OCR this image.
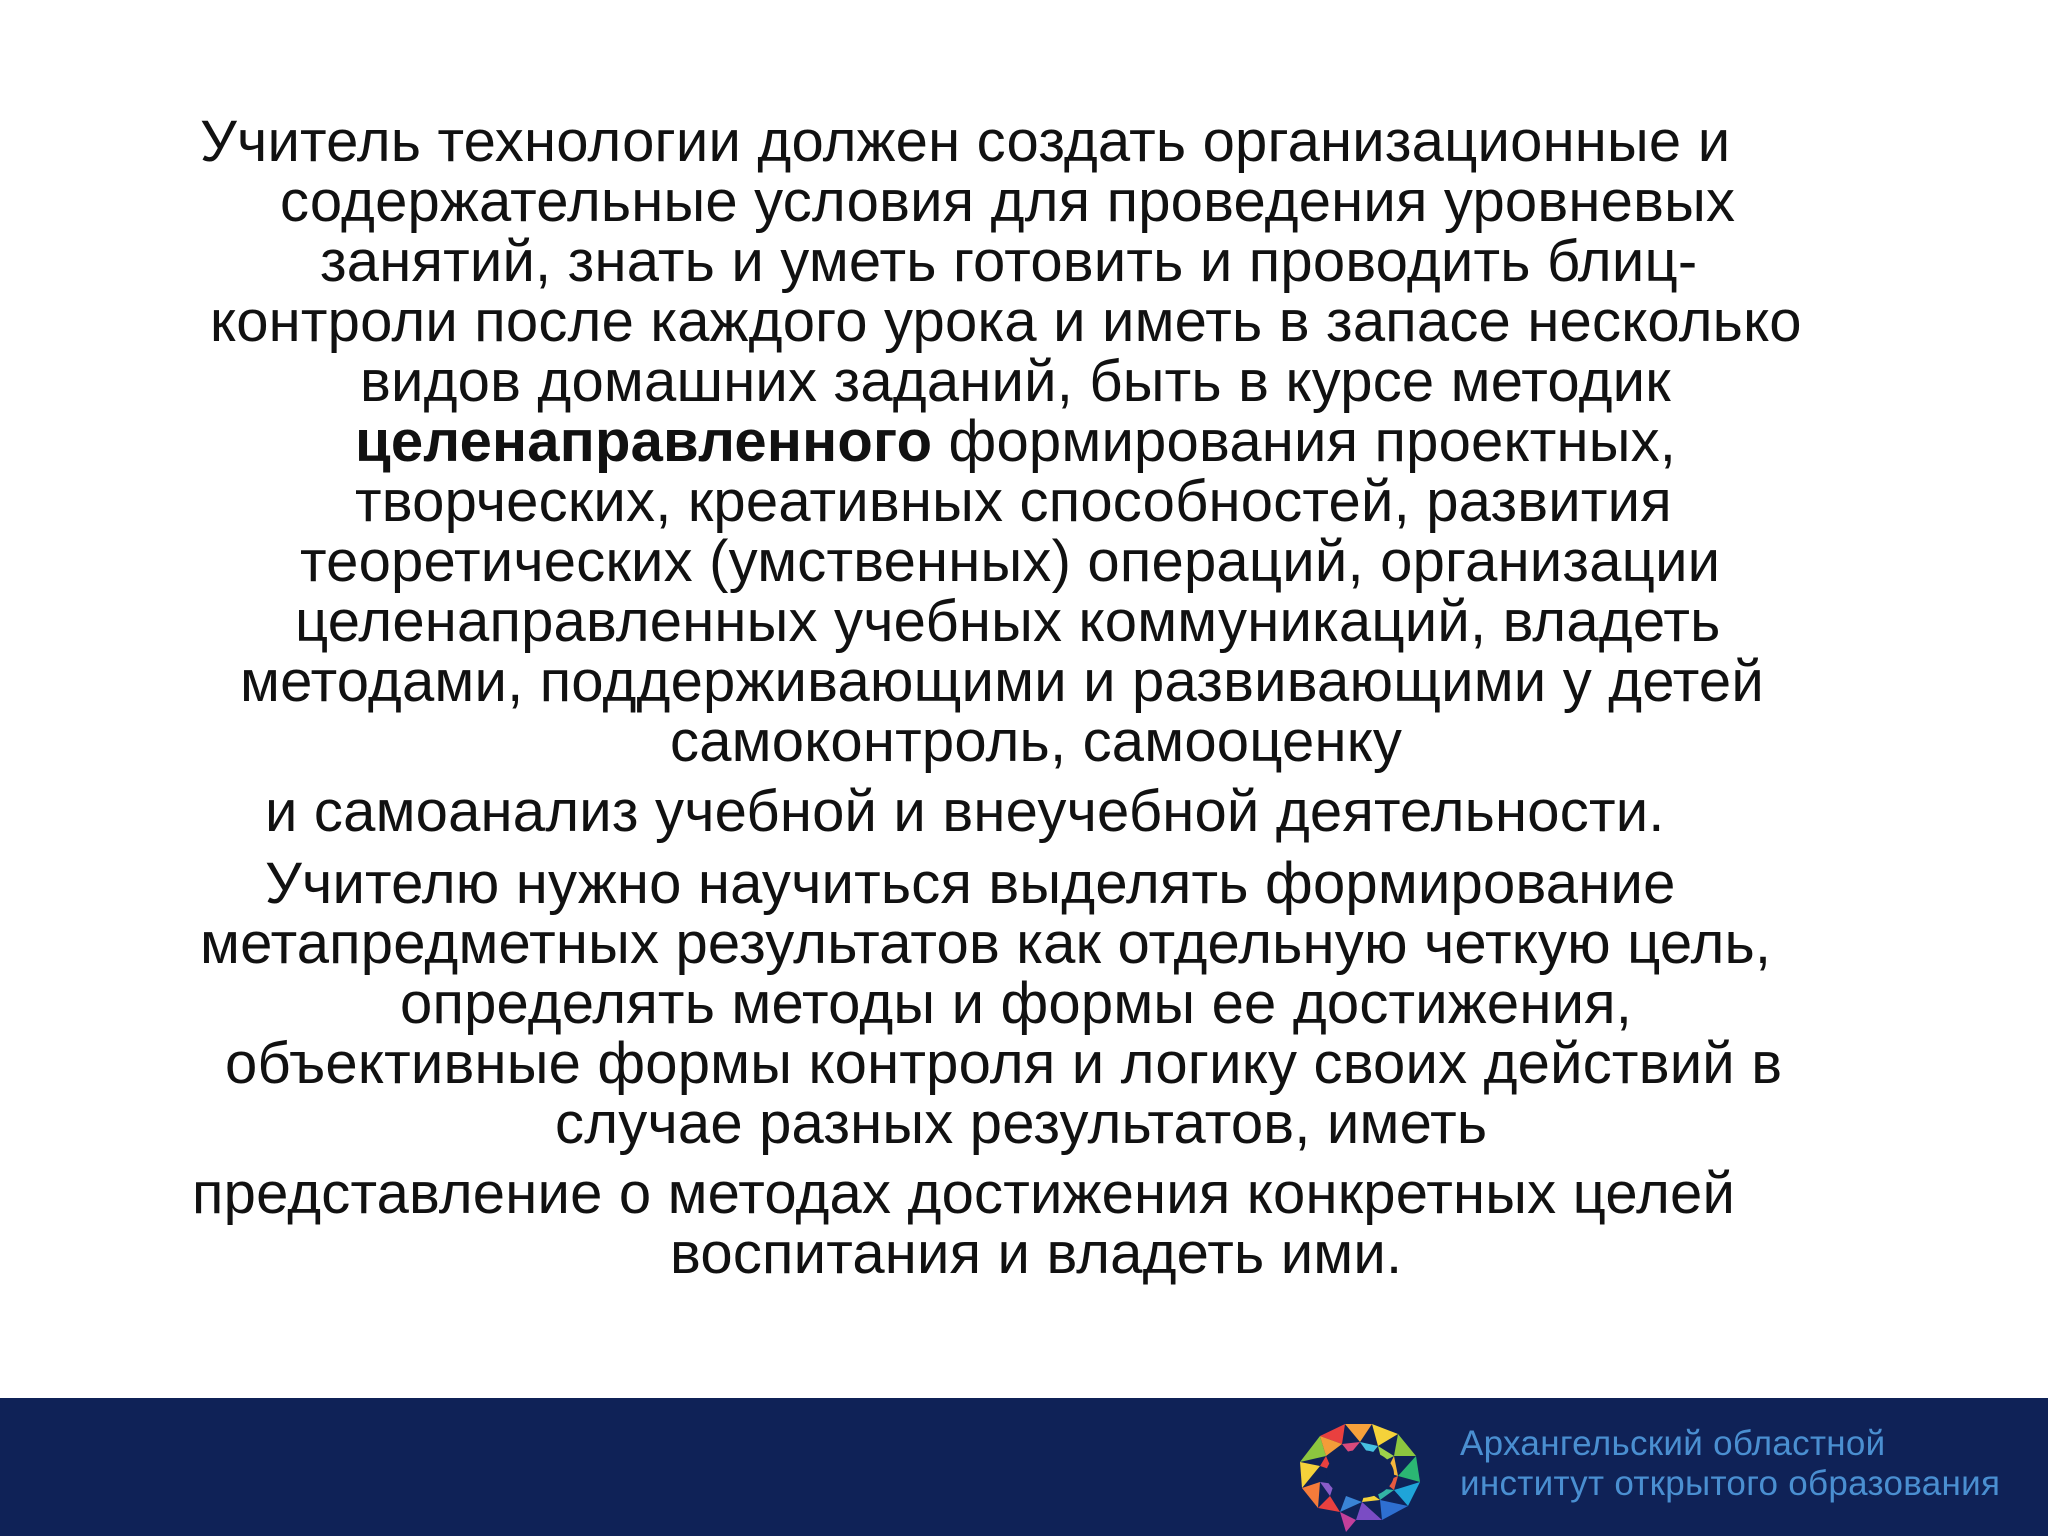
Учитель технологии должен создать организационные и
содержательные условия для проведения уровневых
занятий, знать и уметь готовить и проводить блиц-
контроли после каждого урока и иметь в запасе несколько
видов домашних заданий, быть в курсе методик
целенаправленного формирования проектных,
творческих, креативных способностей, развития
теоретических (умственных) операций, организации
целенаправленных учебных коммуникаций, владеть
методами, поддерживающими и развивающими у детей
самоконтроль, самооценку
и самоанализ учебной и внеучебной деятельности.
Учителю нужно научиться выделять формирование
метапредметных результатов как отдельную четкую цель,
определять методы и формы ее достижения,
объективные формы контроля и логику своих действий в
случае разных результатов, иметь
представление о методах достижения конкретных целей
воспитания и владеть ими.
Архангельский областной
институт открытого образования
